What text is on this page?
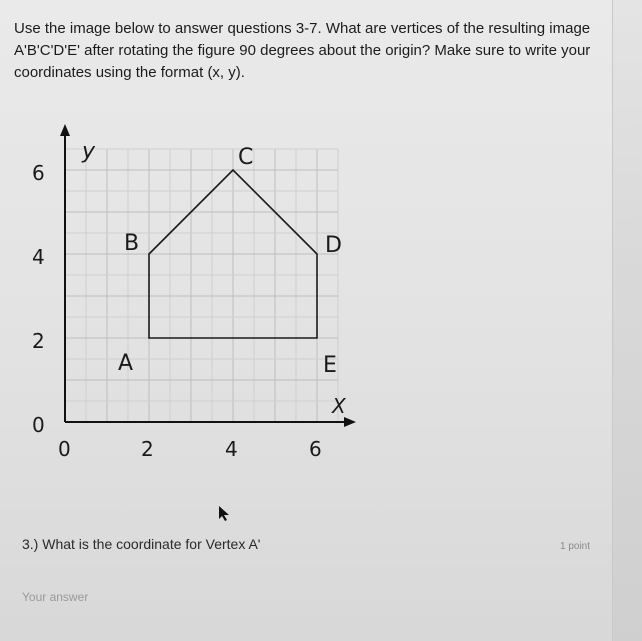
Use the image below to answer questions 3-7. What are vertices of the resulting image A'B'C'D'E' after rotating the figure 90 degrees about the origin? Make sure to write your coordinates using the format (x, y).

y
X
6
4
2
0
0	2	4	6
C
B	D
A	E

3.) What is the coordinate for Vertex A'	1 point
Your answer
